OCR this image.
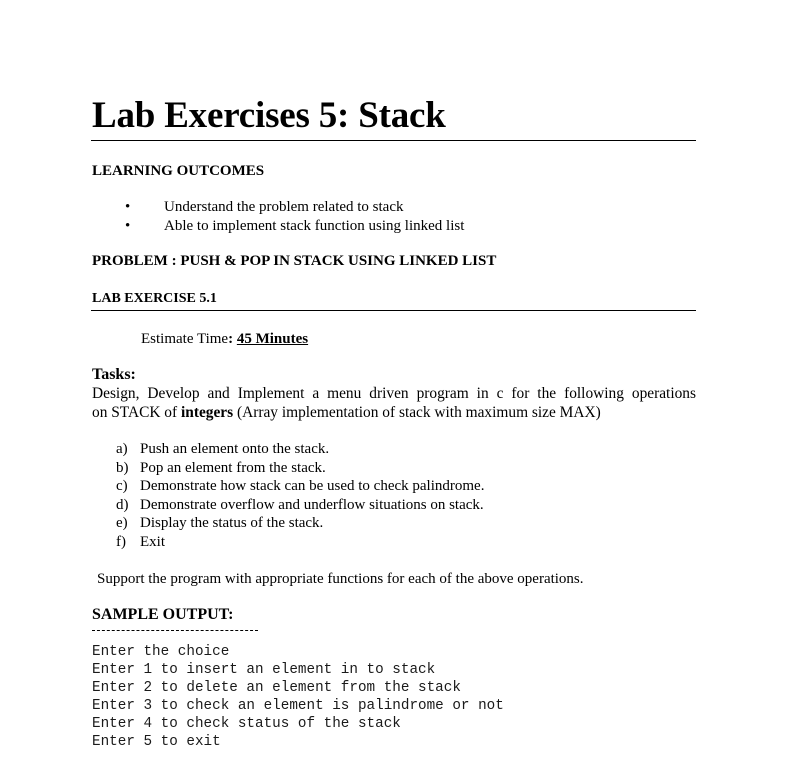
Lab Exercises 5: Stack
LEARNING OUTCOMES
• Understand the problem related to stack
• Able to implement stack function using linked list
PROBLEM : PUSH & POP IN STACK USING LINKED LIST
LAB EXERCISE 5.1
Estimate Time: 45 Minutes
Tasks:

Design, Develop and Implement a menu driven program in c for the following operations
on STACK of integers (Array implementation of stack with maximum size MAX)

a) Push an element onto the stack.
b) Pop an element from the stack.
c) Demonstrate how stack can be used to check palindrome.
d) Demonstrate overflow and underflow situations on stack.
e) Display the status of the stack.
f) Exit

Support the program with appropriate functions for each of the above operations.

SAMPLE OUTPUT:
Enter the choice
Enter 1 to insert an element in to stack
Enter 2 to delete an element from the stack
Enter 3 to check an element is palindrome or not
Enter 4 to check status of the stack
Enter 5 to exit
